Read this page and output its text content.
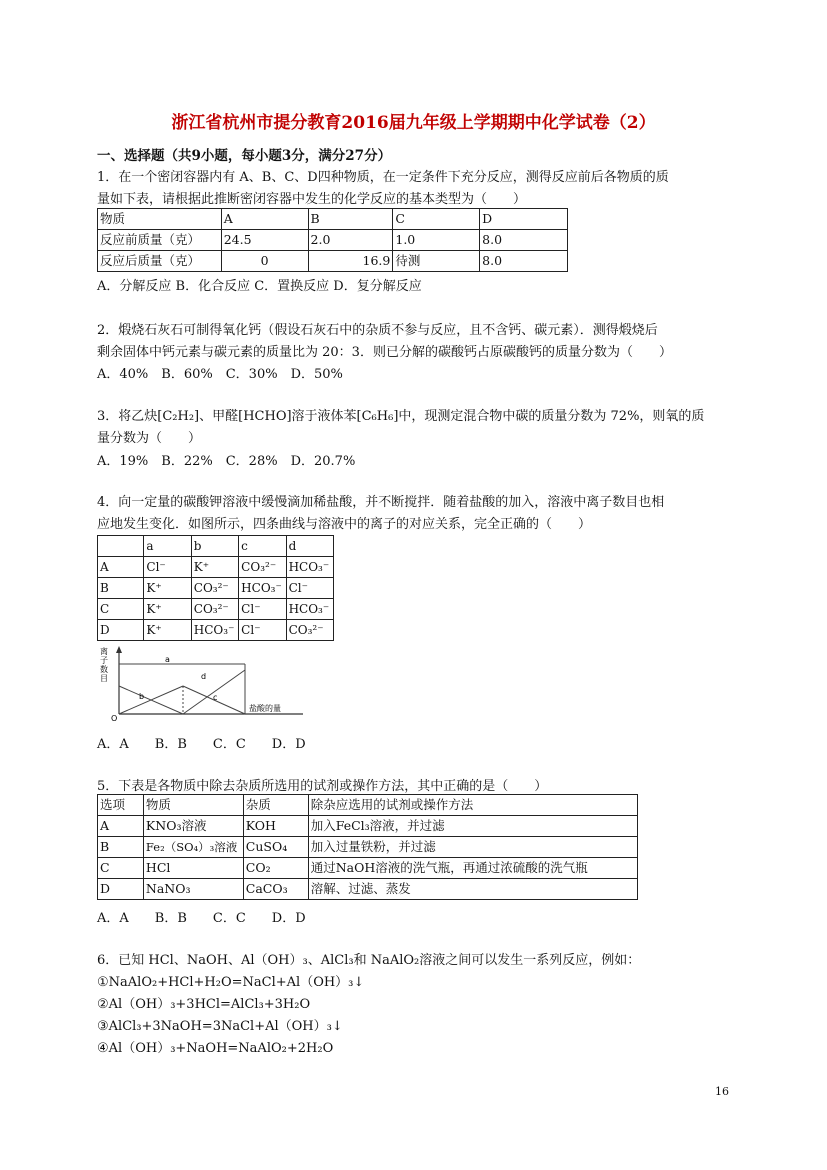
浙江省杭州市提分教育2016届九年级上学期期中化学试卷（2）
一、选择题（共9小题，每小题3分，满分27分）
1．在一个密闭容器内有 A、B、C、D四种物质，在一定条件下充分反应，测得反应前后各物质的质
量如下表，请根据此推断密闭容器中发生的化学反应的基本类型为（　　）
物质	A	B	C	D
反应前质量（克）	24.5	2.0	1.0	8.0
反应后质量（克）	0	16.9	待测	8.0
A．分解反应 B．化合反应 C．置换反应 D．复分解反应
2．煅烧石灰石可制得氧化钙（假设石灰石中的杂质不参与反应，且不含钙、碳元素）．测得煅烧后
剩余固体中钙元素与碳元素的质量比为 20：3．则已分解的碳酸钙占原碳酸钙的质量分数为（　　）
A．40%　B．60%　C．30%　D．50%
3．将乙炔[C₂H₂]、甲醛[HCHO]溶于液体苯[C₆H₆]中，现测定混合物中碳的质量分数为 72%，则氧的质
量分数为（　　）
A．19%　B．22%　C．28%　D．20.7%
4．向一定量的碳酸钾溶液中缓慢滴加稀盐酸，并不断搅拌．随着盐酸的加入，溶液中离子数目也相
应地发生变化．如图所示，四条曲线与溶液中的离子的对应关系，完全正确的（　　）
	a	b	c	d
A	Cl⁻	K⁺	CO₃²⁻	HCO₃⁻
B	K⁺	CO₃²⁻	HCO₃⁻	Cl⁻
C	K⁺	CO₃²⁻	Cl⁻	HCO₃⁻
D	K⁺	HCO₃⁻	Cl⁻	CO₃²⁻
离
子
数
目
O
a
b	c
d
盐酸的量
A．A　　B．B　　C．C　　D．D
5．下表是各物质中除去杂质所选用的试剂或操作方法，其中正确的是（　　）
选项	物质	杂质	除杂应选用的试剂或操作方法
A	KNO₃溶液	KOH	加入FeCl₃溶液，并过滤
B	Fe₂（SO₄）₃溶液	CuSO₄	加入过量铁粉，并过滤
C	HCl	CO₂	通过NaOH溶液的洗气瓶，再通过浓硫酸的洗气瓶
D	NaNO₃	CaCO₃	溶解、过滤、蒸发
A．A　　B．B　　C．C　　D．D
6．已知 HCl、NaOH、Al（OH）₃、AlCl₃和 NaAlO₂溶液之间可以发生一系列反应，例如：
①NaAlO₂+HCl+H₂O=NaCl+Al（OH）₃↓
②Al（OH）₃+3HCl=AlCl₃+3H₂O
③AlCl₃+3NaOH=3NaCl+Al（OH）₃↓
④Al（OH）₃+NaOH=NaAlO₂+2H₂O
16
